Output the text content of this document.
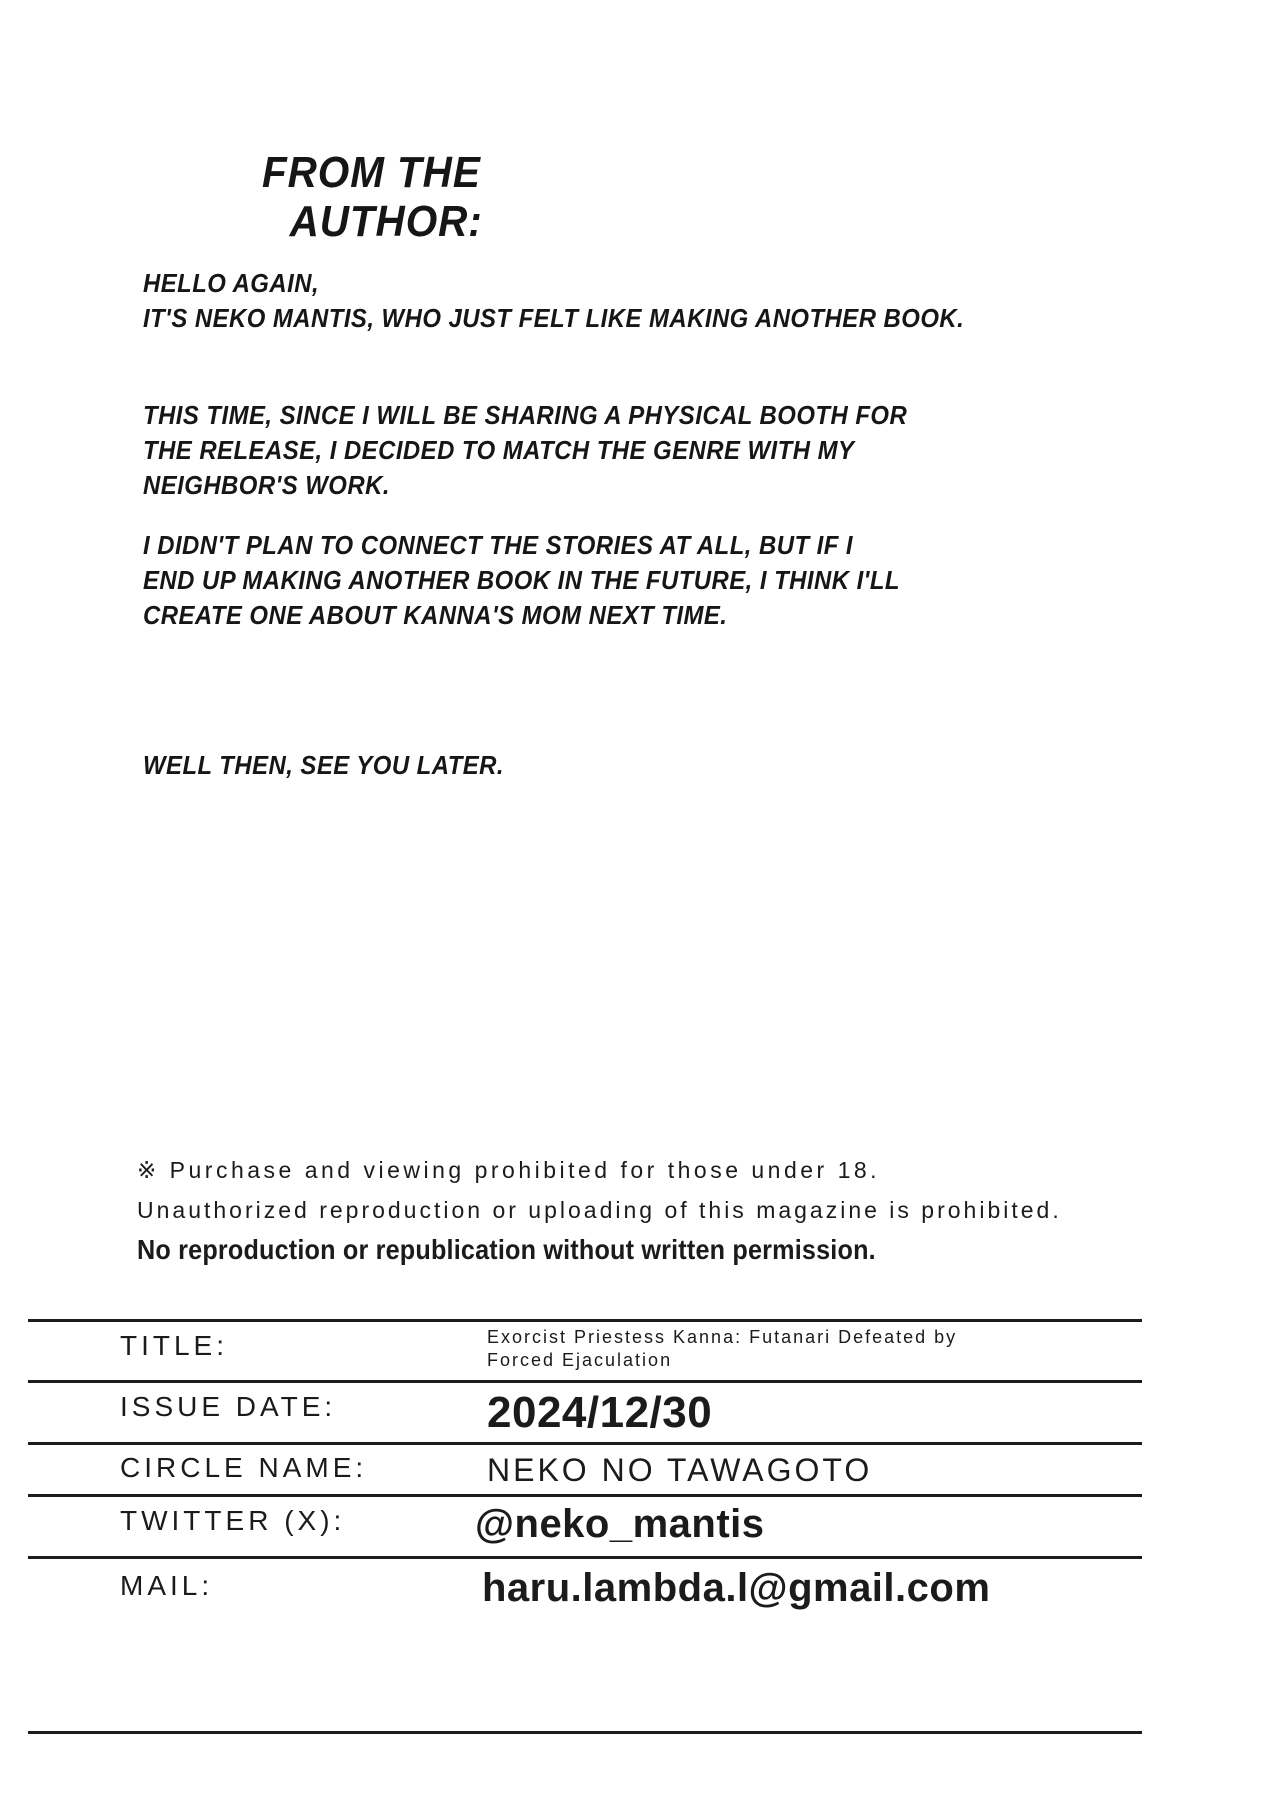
FROM THE
AUTHOR:
HELLO AGAIN,
IT'S NEKO MANTIS, WHO JUST FELT LIKE MAKING ANOTHER BOOK.
THIS TIME, SINCE I WILL BE SHARING A PHYSICAL BOOTH FOR
THE RELEASE, I DECIDED TO MATCH THE GENRE WITH MY
NEIGHBOR'S WORK.
I DIDN'T PLAN TO CONNECT THE STORIES AT ALL, BUT IF I
END UP MAKING ANOTHER BOOK IN THE FUTURE, I THINK I'LL
CREATE ONE ABOUT KANNA'S MOM NEXT TIME.
WELL THEN, SEE YOU LATER.
※ Purchase and viewing prohibited for those under 18.
Unauthorized reproduction or uploading of this magazine is prohibited.
No reproduction or republication without written permission.
TITLE:	Exorcist Priestess Kanna: Futanari Defeated by
Forced Ejaculation
ISSUE DATE:	2024/12/30
CIRCLE NAME:	NEKO NO TAWAGOTO
TWITTER (X):	@neko_mantis
MAIL:	haru.lambda.l@gmail.com
